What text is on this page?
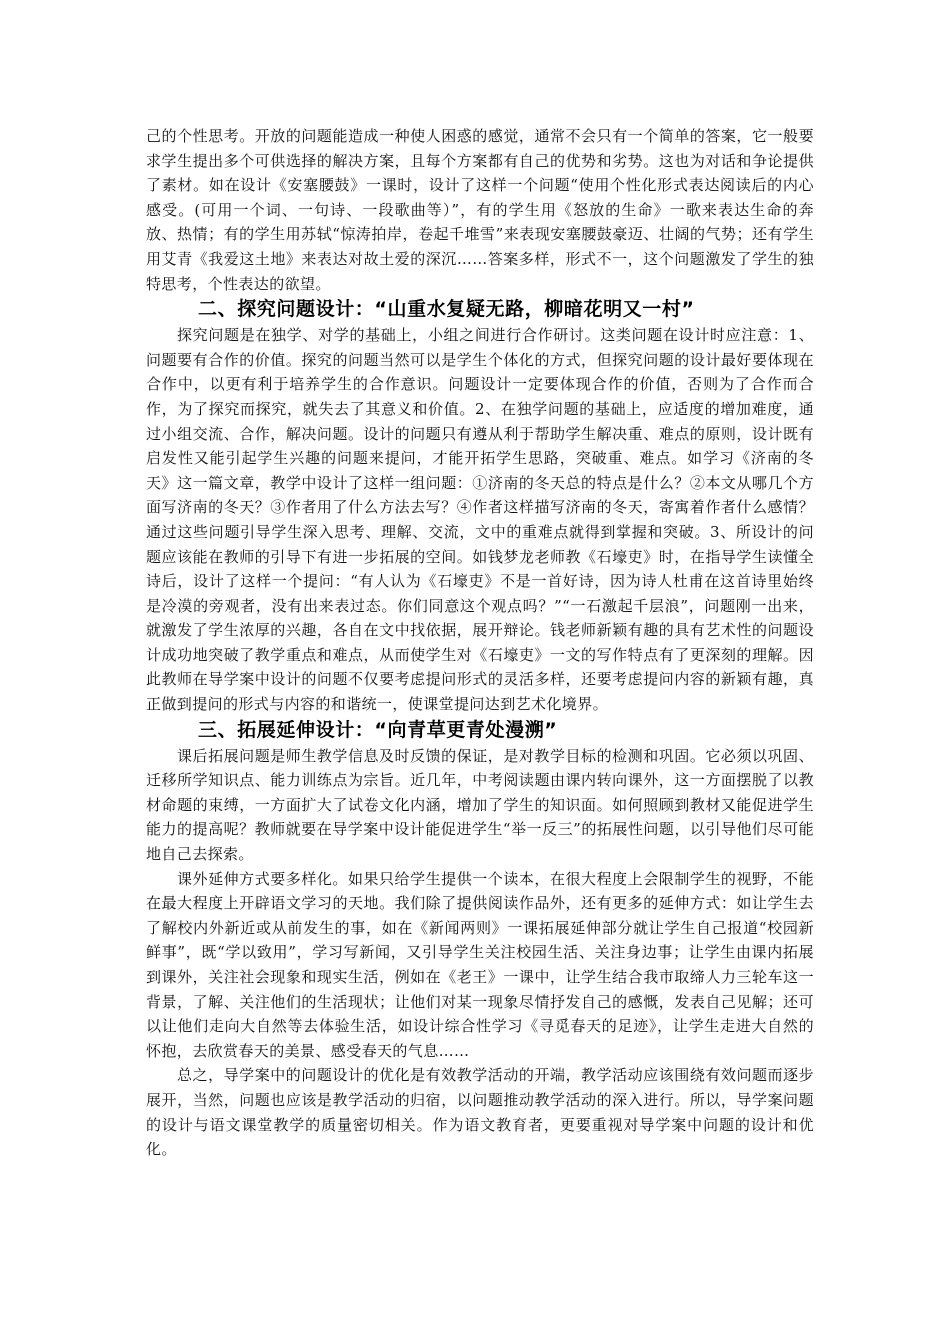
己的个性思考。开放的问题能造成一种使人困惑的感觉，通常不会只有一个简单的答案，它一般要求学生提出多个可供选择的解决方案，且每个方案都有自己的优势和劣势。这也为对话和争论提供了素材。如在设计《安塞腰鼓》一课时，设计了这样一个问题“使用个性化形式表达阅读后的内心感受。(可用一个词、一句诗、一段歌曲等）”，有的学生用《怒放的生命》一歌来表达生命的奔放、热情；有的学生用苏轼“惊涛拍岸，卷起千堆雪”来表现安塞腰鼓豪迈、壮阔的气势；还有学生用艾青《我爱这土地》来表达对故土爱的深沉……答案多样，形式不一，这个问题激发了学生的独特思考，个性表达的欲望。

二、探究问题设计：“山重水复疑无路，柳暗花明又一村”

探究问题是在独学、对学的基础上，小组之间进行合作研讨。这类问题在设计时应注意：1、问题要有合作的价值。探究的问题当然可以是学生个体化的方式，但探究问题的设计最好要体现在合作中，以更有利于培养学生的合作意识。问题设计一定要体现合作的价值，否则为了合作而合作，为了探究而探究，就失去了其意义和价值。2、在独学问题的基础上，应适度的增加难度，通过小组交流、合作，解决问题。设计的问题只有遵从利于帮助学生解决重、难点的原则，设计既有启发性又能引起学生兴趣的问题来提问，才能开拓学生思路，突破重、难点。如学习《济南的冬天》这一篇文章，教学中设计了这样一组问题：①济南的冬天总的特点是什么？②本文从哪几个方面写济南的冬天？③作者用了什么方法去写？④作者这样描写济南的冬天，寄寓着作者什么感情？通过这些问题引导学生深入思考、理解、交流，文中的重难点就得到掌握和突破。3、所设计的问题应该能在教师的引导下有进一步拓展的空间。如钱梦龙老师教《石壕吏》时，在指导学生读懂全诗后，设计了这样一个提问：“有人认为《石壕吏》不是一首好诗，因为诗人杜甫在这首诗里始终是冷漠的旁观者，没有出来表过态。你们同意这个观点吗？”“一石激起千层浪”，问题刚一出来，就激发了学生浓厚的兴趣，各自在文中找依据，展开辩论。钱老师新颖有趣的具有艺术性的问题设计成功地突破了教学重点和难点，从而使学生对《石壕吏》一文的写作特点有了更深刻的理解。因此教师在导学案中设计的问题不仅要考虑提问形式的灵活多样，还要考虑提问内容的新颖有趣，真正做到提问的形式与内容的和谐统一，使课堂提问达到艺术化境界。

三、拓展延伸设计：“向青草更青处漫溯”

课后拓展问题是师生教学信息及时反馈的保证，是对教学目标的检测和巩固。它必须以巩固、迁移所学知识点、能力训练点为宗旨。近几年，中考阅读题由课内转向课外，这一方面摆脱了以教材命题的束缚，一方面扩大了试卷文化内涵，增加了学生的知识面。如何照顾到教材又能促进学生能力的提高呢？教师就要在导学案中设计能促进学生“举一反三”的拓展性问题，以引导他们尽可能地自己去探索。

课外延伸方式要多样化。如果只给学生提供一个读本，在很大程度上会限制学生的视野，不能在最大程度上开辟语文学习的天地。我们除了提供阅读作品外，还有更多的延伸方式：如让学生去了解校内外新近或从前发生的事，如在《新闻两则》一课拓展延伸部分就让学生自己报道“校园新鲜事”，既“学以致用”，学习写新闻，又引导学生关注校园生活、关注身边事；让学生由课内拓展到课外，关注社会现象和现实生活，例如在《老王》一课中，让学生结合我市取缔人力三轮车这一背景，了解、关注他们的生活现状；让他们对某一现象尽情抒发自己的感慨，发表自己见解；还可以让他们走向大自然等去体验生活，如设计综合性学习《寻觅春天的足迹》，让学生走进大自然的怀抱，去欣赏春天的美景、感受春天的气息……

总之，导学案中的问题设计的优化是有效教学活动的开端，教学活动应该围绕有效问题而逐步展开，当然，问题也应该是教学活动的归宿，以问题推动教学活动的深入进行。所以，导学案问题的设计与语文课堂教学的质量密切相关。作为语文教育者，更要重视对导学案中问题的设计和优化。
